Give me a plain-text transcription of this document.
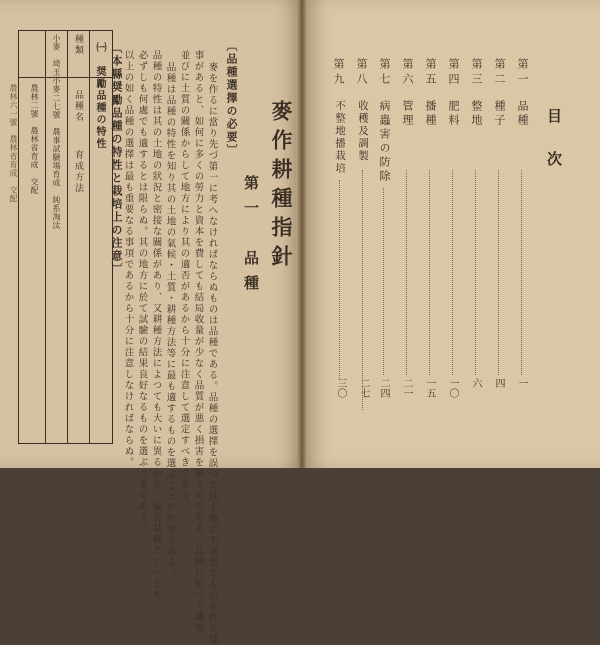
目次
第一
品種
一
第二
種子
四
第三
整地
六
第四
肥料
一〇
第五
播種
一五
第六
管理
二一
第七
病蟲害の防除
二四
第八
第九
收穫及調製
二七
不整地播栽培
三〇
麥作耕種指針
第一　品種
〔品種選擇の必要〕
麥を作るに當り先づ第一に考へなければならぬものは品種である。品種の選擇を誤つて其土地に不適當なものを作る樣
事があると、如何に多くの勞力と資本を費しても結局收量が少なく品質が悪く損害を蒙るのである。品種に依つて適地
並びに土質の關係からして地方により其の適否があるから十分に注意して選定すべきである。
品種は品種の特性を知り其の土地の氣候・土質・耕種方法等に最も適するものを選ぶことが肝要である。
品種の特性は其の土地の狀況と密接な關係があり、又耕種方法によつても大いに異るから、優良品種といへども
必ずしも何處でも適するとは限らぬ。其の地方に於て試驗の結果良好なるものを選ぶべきである。
以上の如く品種の選擇は最も重要なる事項であるから十分に注意しなければならぬ。
〔本縣奨勵品種の特性と栽培上の注意〕
㈠　奨勵品種の特性
種類
品種名
育成方法
小麥　埼玉小麥二七號　農事試驗場育成　純系淘汰
農林二號　農林省育成　交配
農林六一號　農林省育成　交配
